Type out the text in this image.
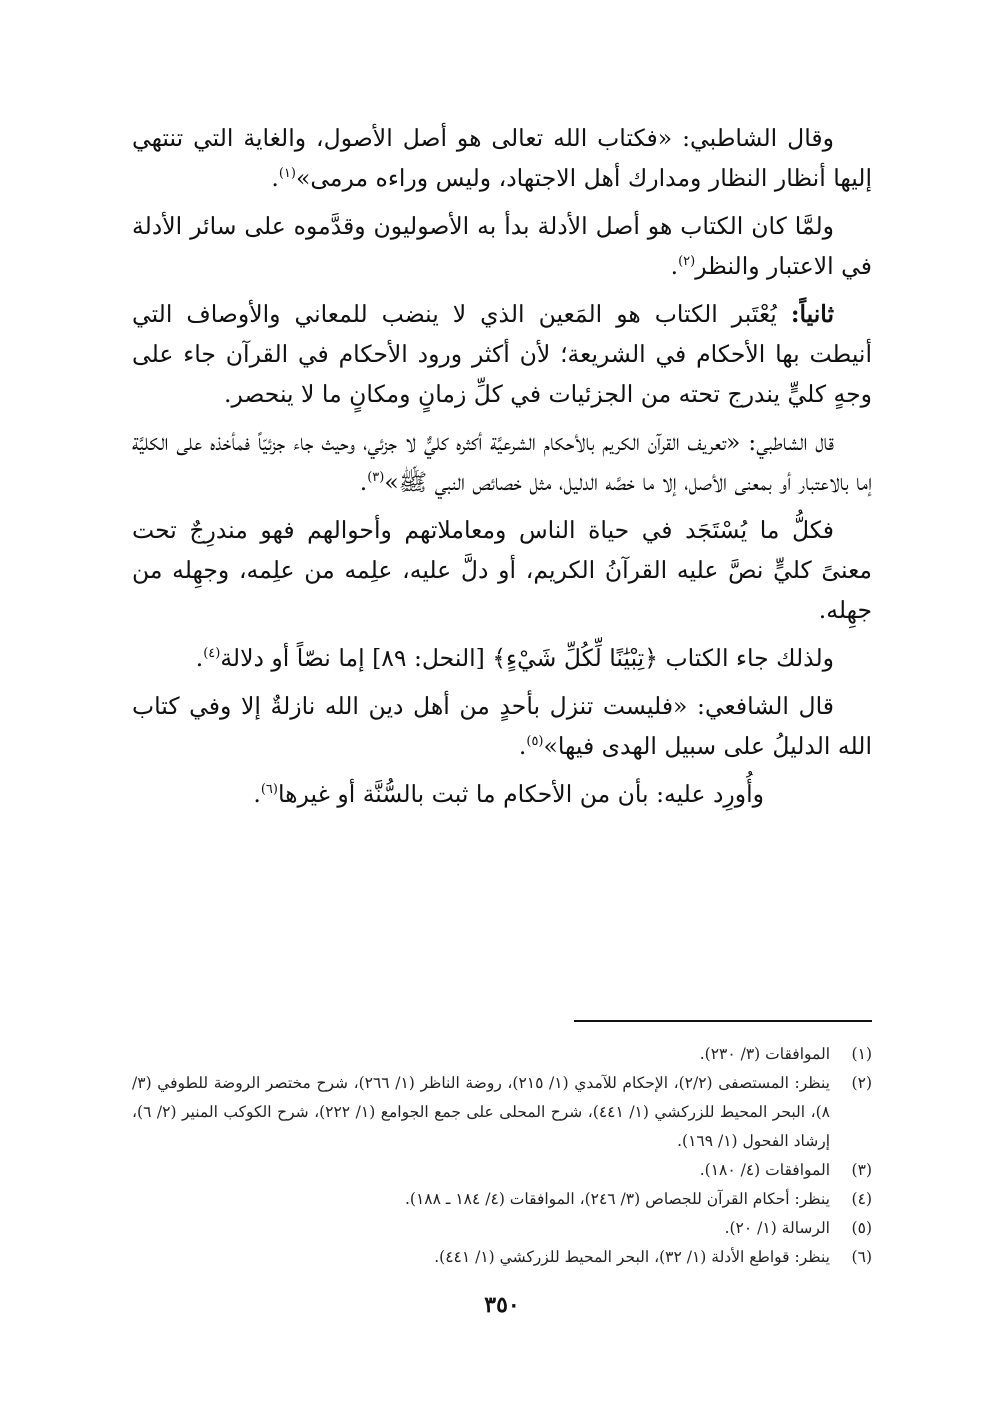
وقال الشاطبي: «فكتاب الله تعالى هو أصل الأصول، والغاية التي تنتهي إليها أنظار النظار ومدارك أهل الاجتهاد، وليس وراءه مرمى»$^{(١)}$.

ولمَّا كان الكتاب هو أصل الأدلة بدأ به الأصوليون وقدَّموه على سائر الأدلة في الاعتبار والنظر$^{(٢)}$.

ثانياً: يُعْتَبر الكتاب هو المَعين الذي لا ينضب للمعاني والأوصاف التي أنيطت بها الأحكام في الشريعة؛ لأن أكثر ورود الأحكام في القرآن جاء على وجهٍ كليٍّ يندرج تحته من الجزئيات في كلِّ زمانٍ ومكانٍ ما لا ينحصر.

قال الشاطبي: «تعريف القرآن الكريم بالأحكام الشرعيَّة أكثره كليٌّ لا جزئي، وحيث جاء جزئيّاً فمأخذه على الكليَّة إما بالاعتبار أو بمعنى الأصل، إلا ما خصَّه الدليل، مثل خصائص النبي ﷺ»$^{(٣)}$.

فكلُّ ما يُسْتَجَد في حياة الناس ومعاملاتهم وأحوالهم فهو مندرِجٌ تحت معنىً كليٍّ نصَّ عليه القرآنُ الكريم، أو دلَّ عليه، علِمه من علِمه، وجهِله من جهِله.

ولذلك جاء الكتاب ﴿تِبْيَٰنًا لِّكُلِّ شَيْءٍ﴾ [النحل: ٨٩] إما نصّاً أو دلالة$^{(٤)}$.

قال الشافعي: «فليست تنزل بأحدٍ من أهل دين الله نازلةٌ إلا وفي كتاب الله الدليلُ على سبيل الهدى فيها»$^{(٥)}$.

وأُورِد عليه: بأن من الأحكام ما ثبت بالسُّنَّة أو غيرها$^{(٦)}$.

(١)
الموافقات (٣/ ٢٣٠).
(٢)
ينظر: المستصفى (٢/٢)، الإحكام للآمدي (١/ ٢١٥)، روضة الناظر (١/ ٢٦٦)، شرح مختصر الروضة للطوفي (٣/ ٨)، البحر المحيط للزركشي (١/ ٤٤١)، شرح المحلى على جمع الجوامع (١/ ٢٢٢)، شرح الكوكب المنير (٢/ ٦)، إرشاد الفحول (١/ ١٦٩).
(٣)
الموافقات (٤/ ١٨٠).
(٤)
ينظر: أحكام القرآن للجصاص (٣/ ٢٤٦)، الموافقات (٤/ ١٨٤ ـ ١٨٨).
(٥)
الرسالة (١/ ٢٠).
(٦)
ينظر: قواطع الأدلة (١/ ٣٢)، البحر المحيط للزركشي (١/ ٤٤١).
٣٥٠
